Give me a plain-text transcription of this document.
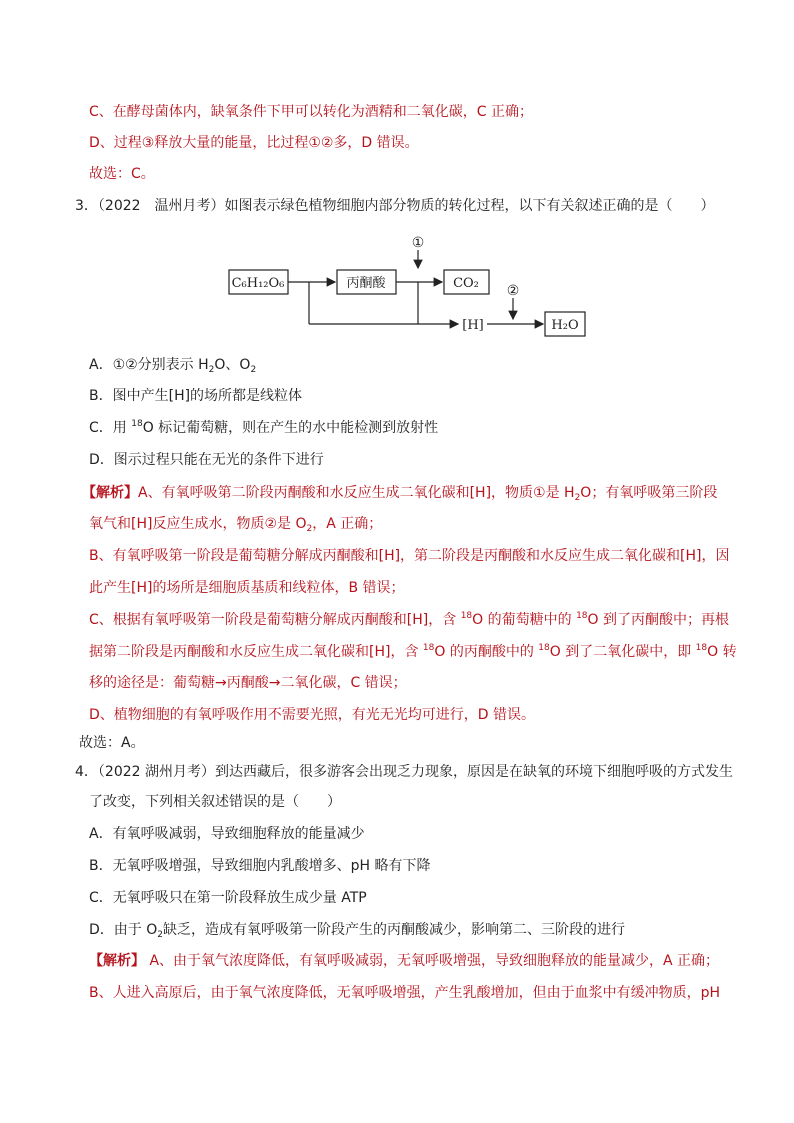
C、在酵母菌体内，缺氧条件下甲可以转化为酒精和二氧化碳，C 正确；
D、过程③释放大量的能量，比过程①②多，D 错误。
故选：C。
3．（2022　温州月考）如图表示绿色植物细胞内部分物质的转化过程，以下有关叙述正确的是（　　）
C₆H₁₂O₆	丙酮酸	CO₂
[H]	H₂O
①
②
A．①②分别表示 $H_2O$、$O_2$
B．图中产生[H]的场所都是线粒体
C．用 $^{18}$O 标记葡萄糖，则在产生的水中能检测到放射性
D．图示过程只能在无光的条件下进行
【解析】A、有氧呼吸第二阶段丙酮酸和水反应生成二氧化碳和[H]，物质①是 $H_2O$；有氧呼吸第三阶段
氧气和[H]反应生成水，物质②是 $O_2$，A 正确；
B、有氧呼吸第一阶段是葡萄糖分解成丙酮酸和[H]，第二阶段是丙酮酸和水反应生成二氧化碳和[H]，因
此产生[H]的场所是细胞质基质和线粒体，B 错误；
C、根据有氧呼吸第一阶段是葡萄糖分解成丙酮酸和[H]，含 $^{18}$O 的葡萄糖中的 $^{18}$O 到了丙酮酸中；再根
据第二阶段是丙酮酸和水反应生成二氧化碳和[H]，含 $^{18}$O 的丙酮酸中的 $^{18}$O 到了二氧化碳中，即 $^{18}$O 转
移的途径是：葡萄糖→丙酮酸→二氧化碳，C 错误；
D、植物细胞的有氧呼吸作用不需要光照，有光无光均可进行，D 错误。
故选：A。
4．（2022 湖州月考）到达西藏后，很多游客会出现乏力现象，原因是在缺氧的环境下细胞呼吸的方式发生
了改变，下列相关叙述错误的是（　　）
A．有氧呼吸减弱，导致细胞释放的能量减少
B．无氧呼吸增强，导致细胞内乳酸增多、pH 略有下降
C．无氧呼吸只在第一阶段释放生成少量 ATP
D．由于 $O_2$缺乏，造成有氧呼吸第一阶段产生的丙酮酸减少，影响第二、三阶段的进行
【解析】 A、由于氧气浓度降低，有氧呼吸减弱，无氧呼吸增强，导致细胞释放的能量减少，A 正确；
B、人进入高原后，由于氧气浓度降低，无氧呼吸增强，产生乳酸增加，但由于血浆中有缓冲物质，pH
